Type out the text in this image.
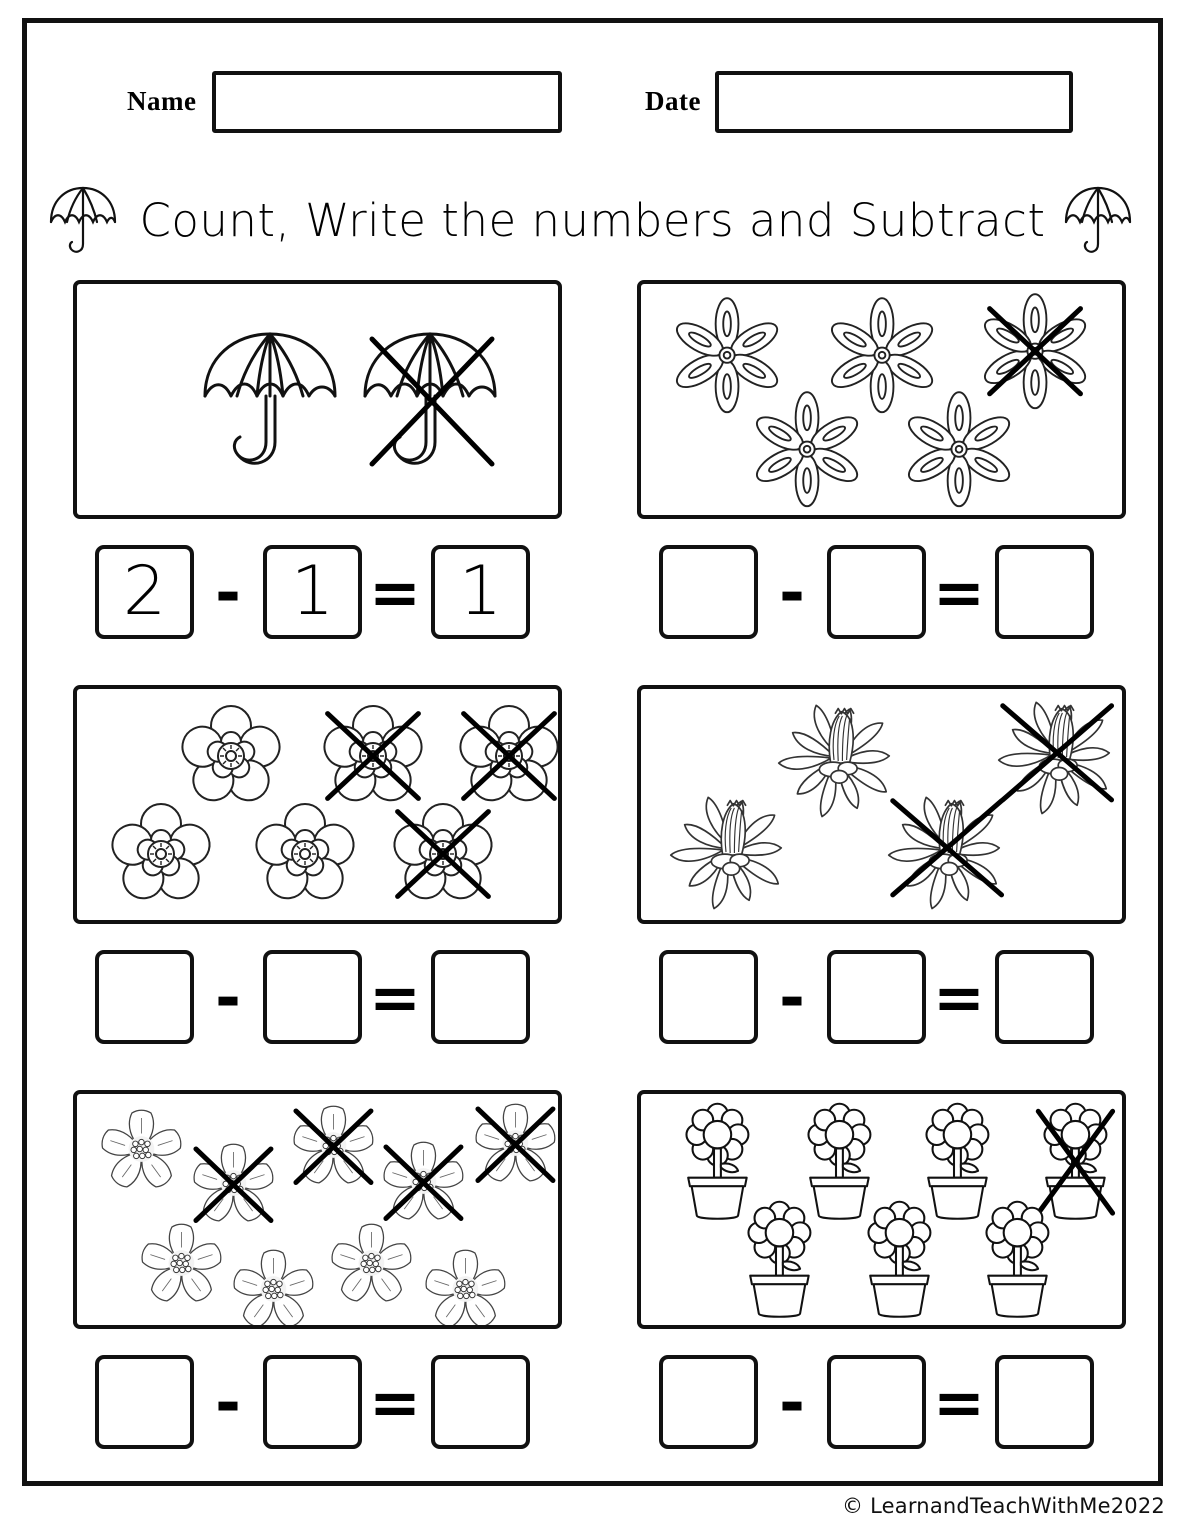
Name	Date
Count, Write the numbers and Subtract
2 - 1 = 1	- =
- =	- =
- =	- =
© LearnandTeachWithMe2022
